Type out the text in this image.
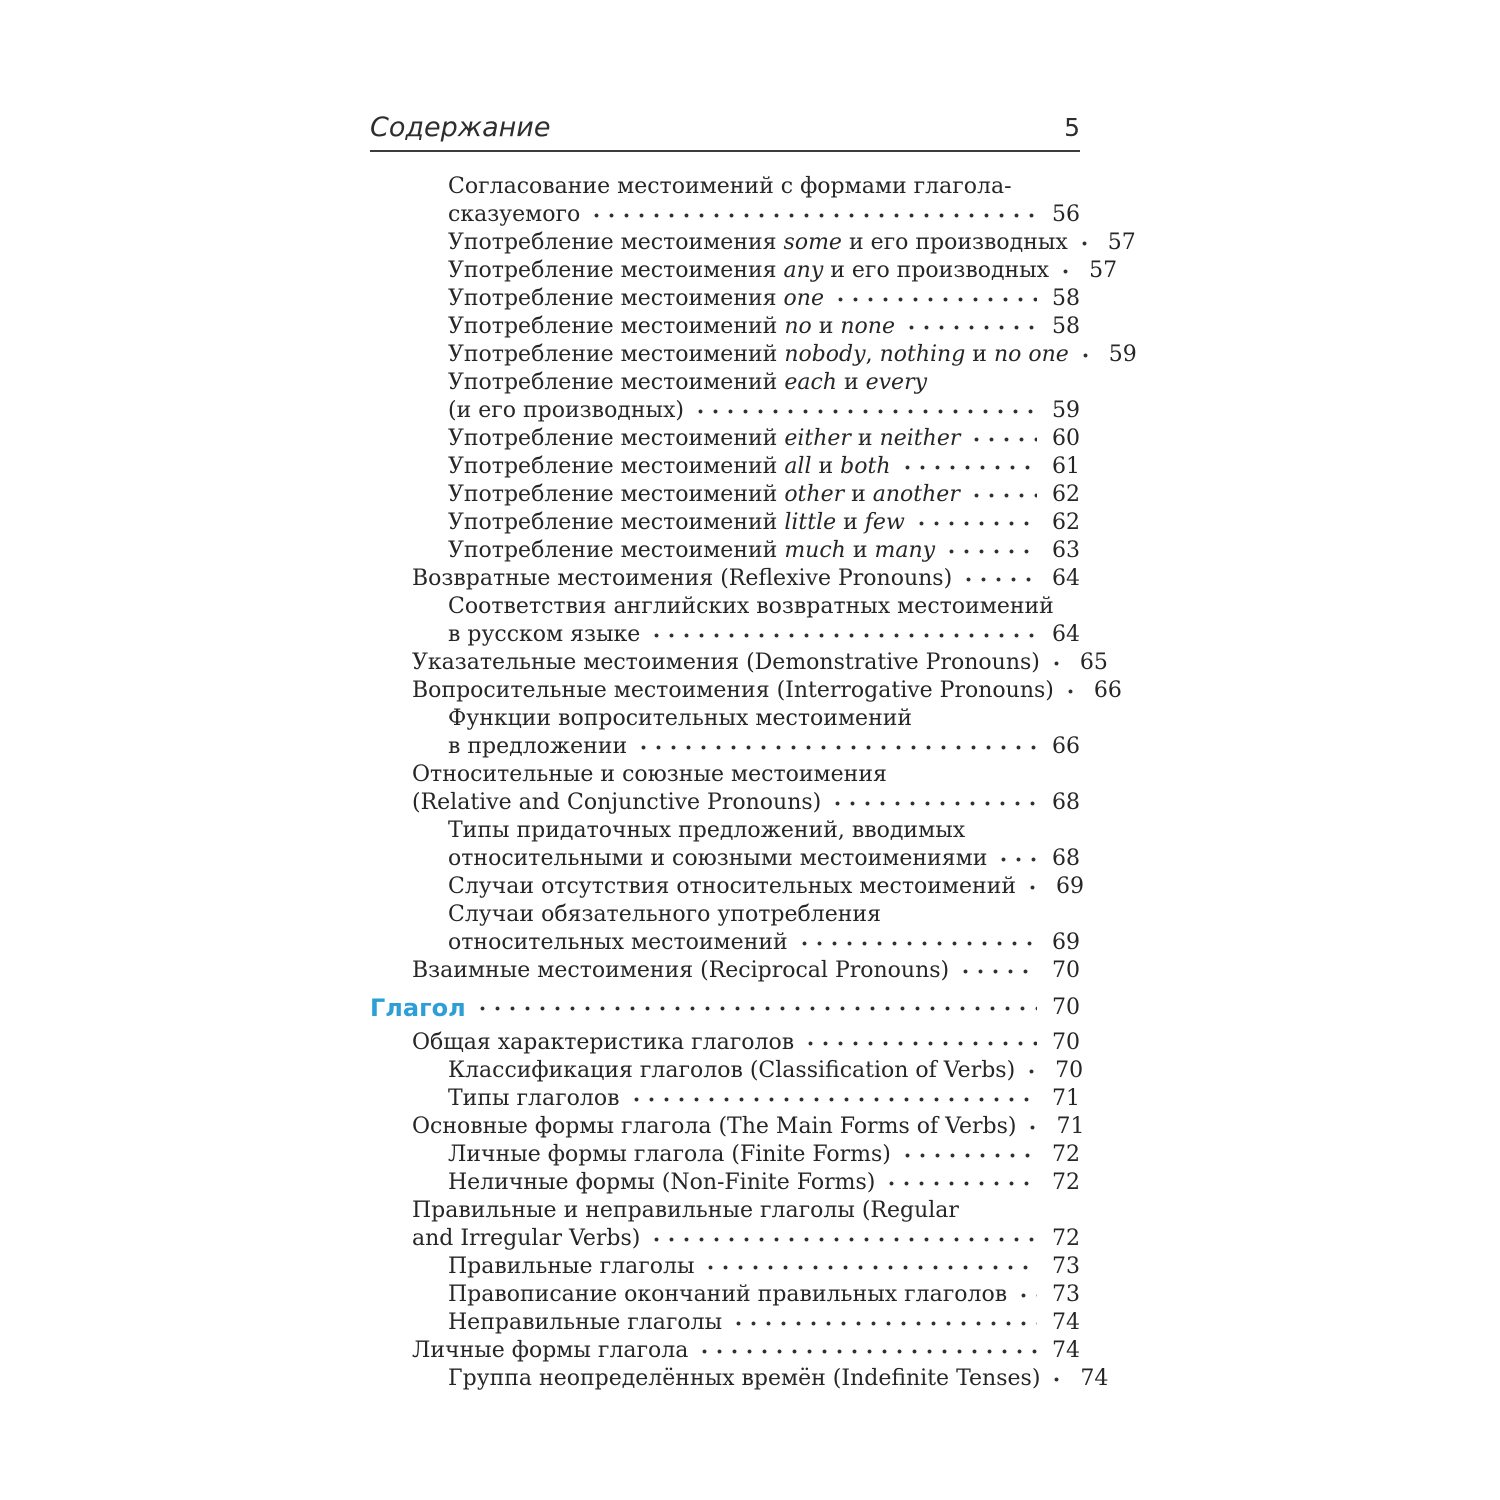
Содержание	5
Согласование местоимений с формами глагола-
сказуемого	56
Употребление местоимения some и его производных	57
Употребление местоимения any и его производных	57
Употребление местоимения one	58
Употребление местоимений no и none	58
Употребление местоимений nobody, nothing и no one	59
Употребление местоимений each и every
(и его производных)	59
Употребление местоимений either и neither	60
Употребление местоимений all и both	61
Употребление местоимений other и another	62
Употребление местоимений little и few	62
Употребление местоимений much и many	63
Возвратные местоимения (Reflexive Pronouns)	64
Соответствия английских возвратных местоимений
в русском языке	64
Указательные местоимения (Demonstrative Pronouns)	65
Вопросительные местоимения (Interrogative Pronouns)	66
Функции вопросительных местоимений
в предложении	66
Относительные и союзные местоимения
(Relative and Conjunctive Pronouns)	68
Типы придаточных предложений, вводимых
относительными и союзными местоимениями	68
Случаи отсутствия относительных местоимений	69
Случаи обязательного употребления
относительных местоимений	69
Взаимные местоимения (Reciprocal Pronouns)	70
Глагол	70
Общая характеристика глаголов	70
Классификация глаголов (Classification of Verbs)	70
Типы глаголов	71
Основные формы глагола (The Main Forms of Verbs)	71
Личные формы глагола (Finite Forms)	72
Неличные формы (Non-Finite Forms)	72
Правильные и неправильные глаголы (Regular
and Irregular Verbs)	72
Правильные глаголы	73
Правописание окончаний правильных глаголов	73
Неправильные глаголы	74
Личные формы глагола	74
Группа неопределённых времён (Indefinite Tenses)	74
